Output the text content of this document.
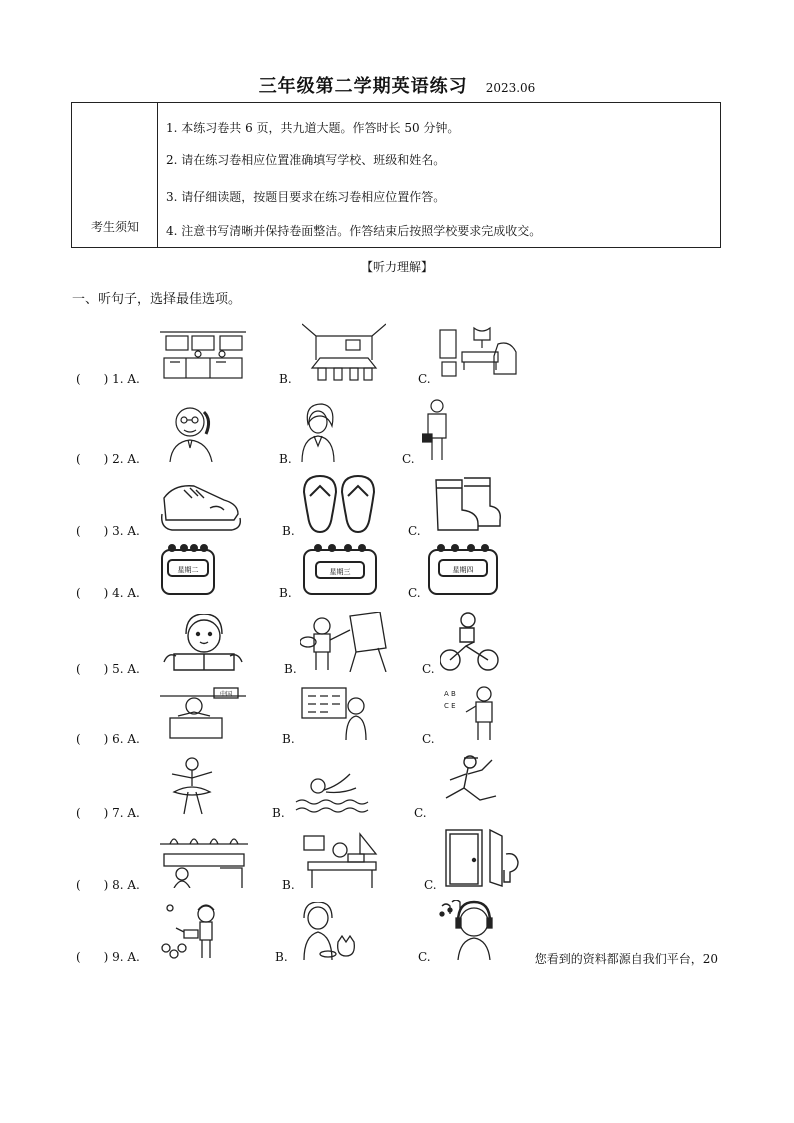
三年级第二学期英语练习 2023.06
考生须知
1. 本练习卷共 6 页，共九道大题。作答时长 50 分钟。
2. 请在练习卷相应位置准确填写学校、班级和姓名。
3. 请仔细读题，按题目要求在练习卷相应位置作答。
4. 注意书写清晰并保持卷面整洁。作答结束后按照学校要求完成收交。
【听力理解】
一、听句子，选择最佳选项。
(      ) 1. A.	B.	C.
(      ) 2. A.	B.	C.
(      ) 3. A.	B.	C.
(      ) 4. A.
星期二
B.
星期三
C.
星期四
(      ) 5. A.	B.	C.
(      ) 6. A.
中国
B.	C.
A B
C E
(      ) 7. A.	B.	C.
(      ) 8. A.	B.	C.
(      ) 9. A.	B.	C.	您看到的资料都源自我们平台，20
